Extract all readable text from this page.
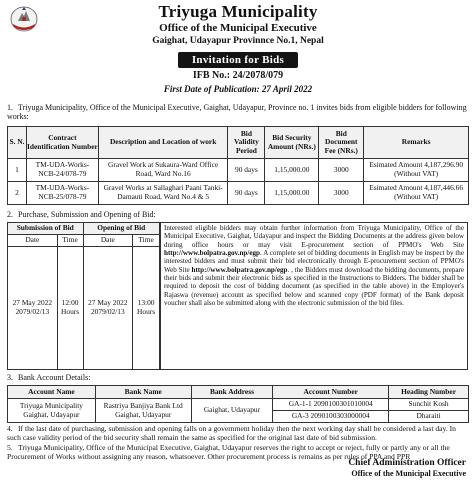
Triyuga Municipality
Office of the Municipal Executive
Gaighat, Udayapur Provinnce No.1, Nepal
Invitation for Bids
IFB No.: 24/2078/079
First Date of Publication: 27 April 2022
1. Triyuga Municipality, Office of the Municipal Executive, Gaighat, Udayapur, Province no. 1 invites bids from eligible bidders for following works:
S. N.	Contract Identification Number	Description and Location of work	Bid Validity Period	Bid Security Amount (NRs.)	Bid Document Fee (NRs.)	Remarks
1	TM-UDA-Works-NCB-24/078-79	Gravel Work at Sukaura-Ward Office Road, Ward No.16	90 days	1,15,000.00	3000	Esimated Amount 4,187,296.90 (Without VAT)
2	TM-UDA-Works-NCB-25/078-79	Gravel Works at Sallaghari Paani Tanki-Damauti Road, Ward No.4 & 5	90 days	1,15,000.00	3000	Esimated Amount 4,187,446.66 (Without VAT)
2. Purchase, Submission and Opening of Bid:
Submission of Bid		Opening of Bid	
Date	Time	Date	Time
27 May 2022 2079/02/13	12:00 Hours	27 May 2022 2079/02/13	13:00 Hours
Interested eligible bidders may obtain further information from Triyuga Municipality, Office of the Municipal Executive, Gaighat, Udayapur and inspect the Bidding Documents at the address given below during office hours or may visit E-procurement section of PPMO's Web Site http://www.bolpatra.gov.np/egp. A complete set of bidding documents in English may be inspect by the interested bidders and must submit their bid electronically through E-procurement section of PPMO's Web Site http://www.bolpatra.gov.np/egp. , the Bidders must download the bidding documents, prepare their bids and submit their electronic bids as specified in the Instructions to Bidders. The bidder shall be required to deposit the cost of bidding document (as specified in the table above) in the Employer's Rajaswa (revenue) account as specified below and scanned copy (PDF format) of the Bank deposit voucher shall also be submitted along with the electronic submission of the bid files.
3. Bank Account Details:
Account Name	Bank Name	Bank Address	Account Number	Heading Number
Triyuga Municipality Gaighat, Udayapur	Rastriya Banjiya Bank Ltd Gaighat, Udayapur	Gaighat, Udayapur	GA-1-1 2090100301010004	Sunchit Kosh
			GA-3 2090100303000004	Dharaiti
4. If the last date of purchasing, submission and opening falls on a government holiday then the next working day shall be considered a last day. In such case validity period of the bid security shall remain the same as specified for the original last date of bid submission.
5. Triyuga Municipality, Office of the Municipal Executive, Gaighat, Udayapur reserves the right to accept or reject, fully or partly any or all the Procurement of Works without assigning any reason, whatsoever. Other procurement process is remains as per rules of PPA and PPR
Chief Administration Officer
Office of the Municipal Executive
